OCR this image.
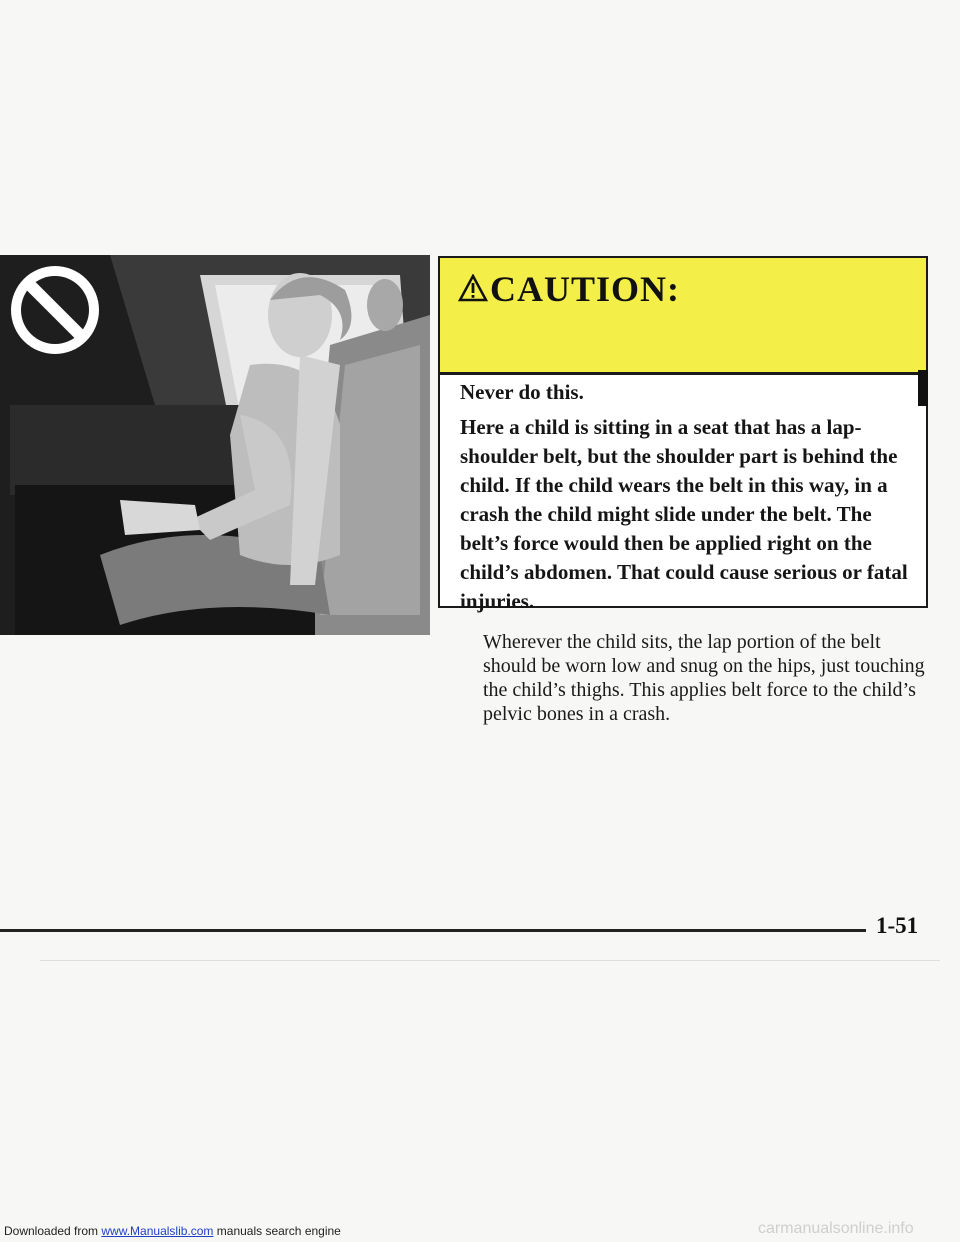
CAUTION:

Never do this.

Here a child is sitting in a seat that has a lap-shoulder belt, but the shoulder part is behind the child. If the child wears the belt in this way, in a crash the child might slide under the belt. The belt’s force would then be applied right on the child’s abdomen. That could cause serious or fatal injuries.

Wherever the child sits, the lap portion of the belt should be worn low and snug on the hips, just touching the child’s thighs. This applies belt force to the child’s pelvic bones in a crash.
1-51
Downloaded from www.Manualslib.com manuals search engine	carmanualsonline.info
